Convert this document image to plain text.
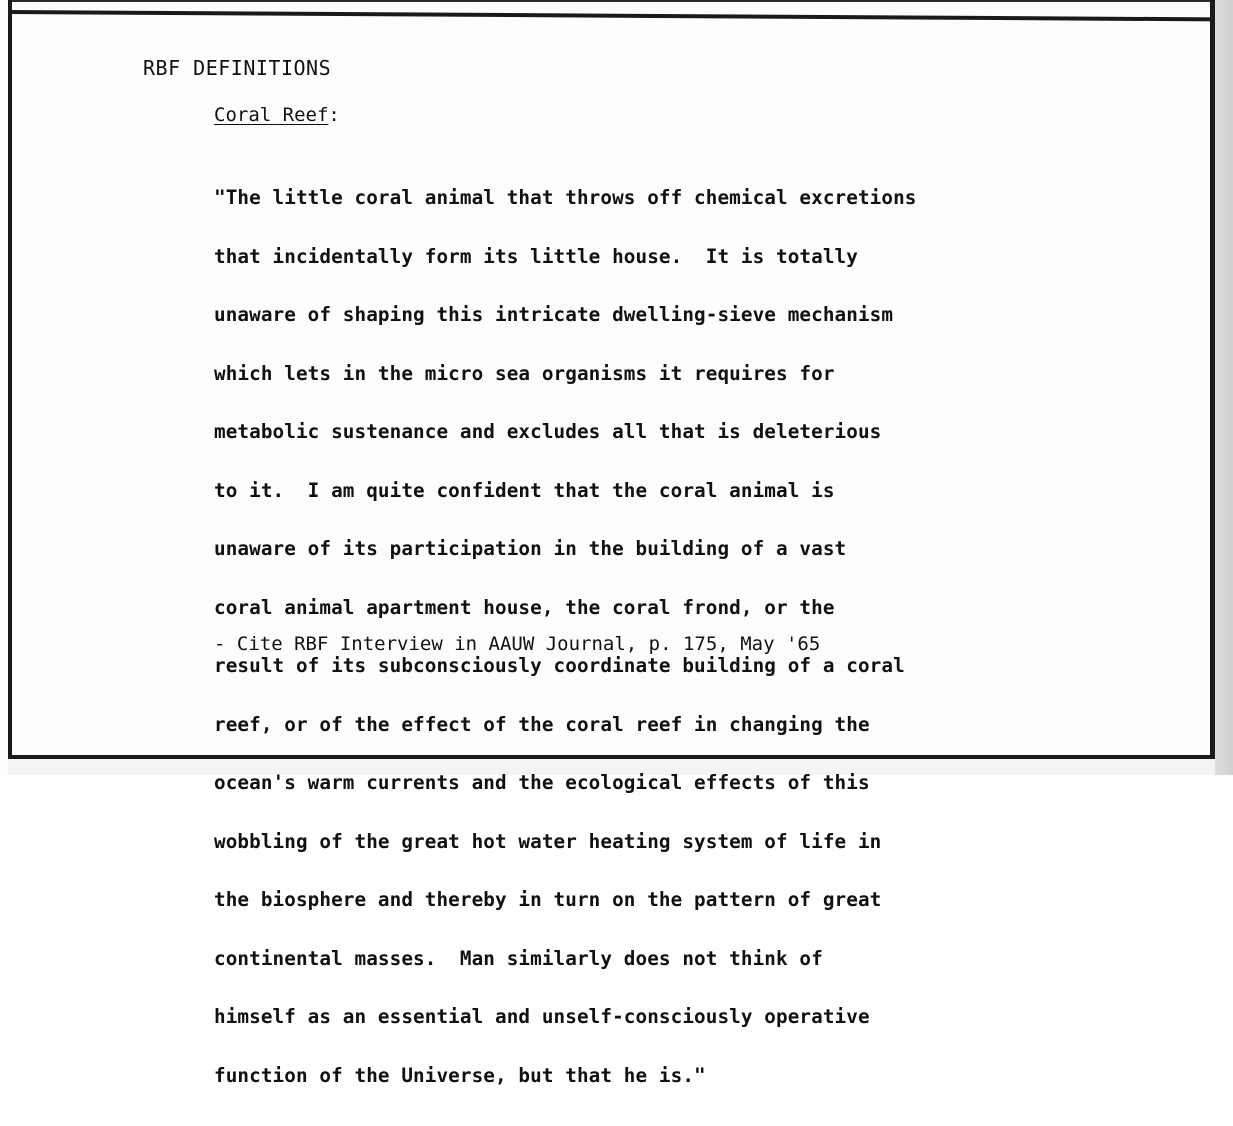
RBF DEFINITIONS
Coral Reef:

"The little coral animal that throws off chemical excretions

that incidentally form its little house.  It is totally

unaware of shaping this intricate dwelling-sieve mechanism

which lets in the micro sea organisms it requires for

metabolic sustenance and excludes all that is deleterious

to it.  I am quite confident that the coral animal is

unaware of its participation in the building of a vast

coral animal apartment house, the coral frond, or the

result of its subconsciously coordinate building of a coral

reef, or of the effect of the coral reef in changing the

ocean's warm currents and the ecological effects of this

wobbling of the great hot water heating system of life in

the biosphere and thereby in turn on the pattern of great

continental masses.  Man similarly does not think of

himself as an essential and unself-consciously operative

function of the Universe, but that he is."

- Cite RBF Interview in AAUW Journal, p. 175, May '65
